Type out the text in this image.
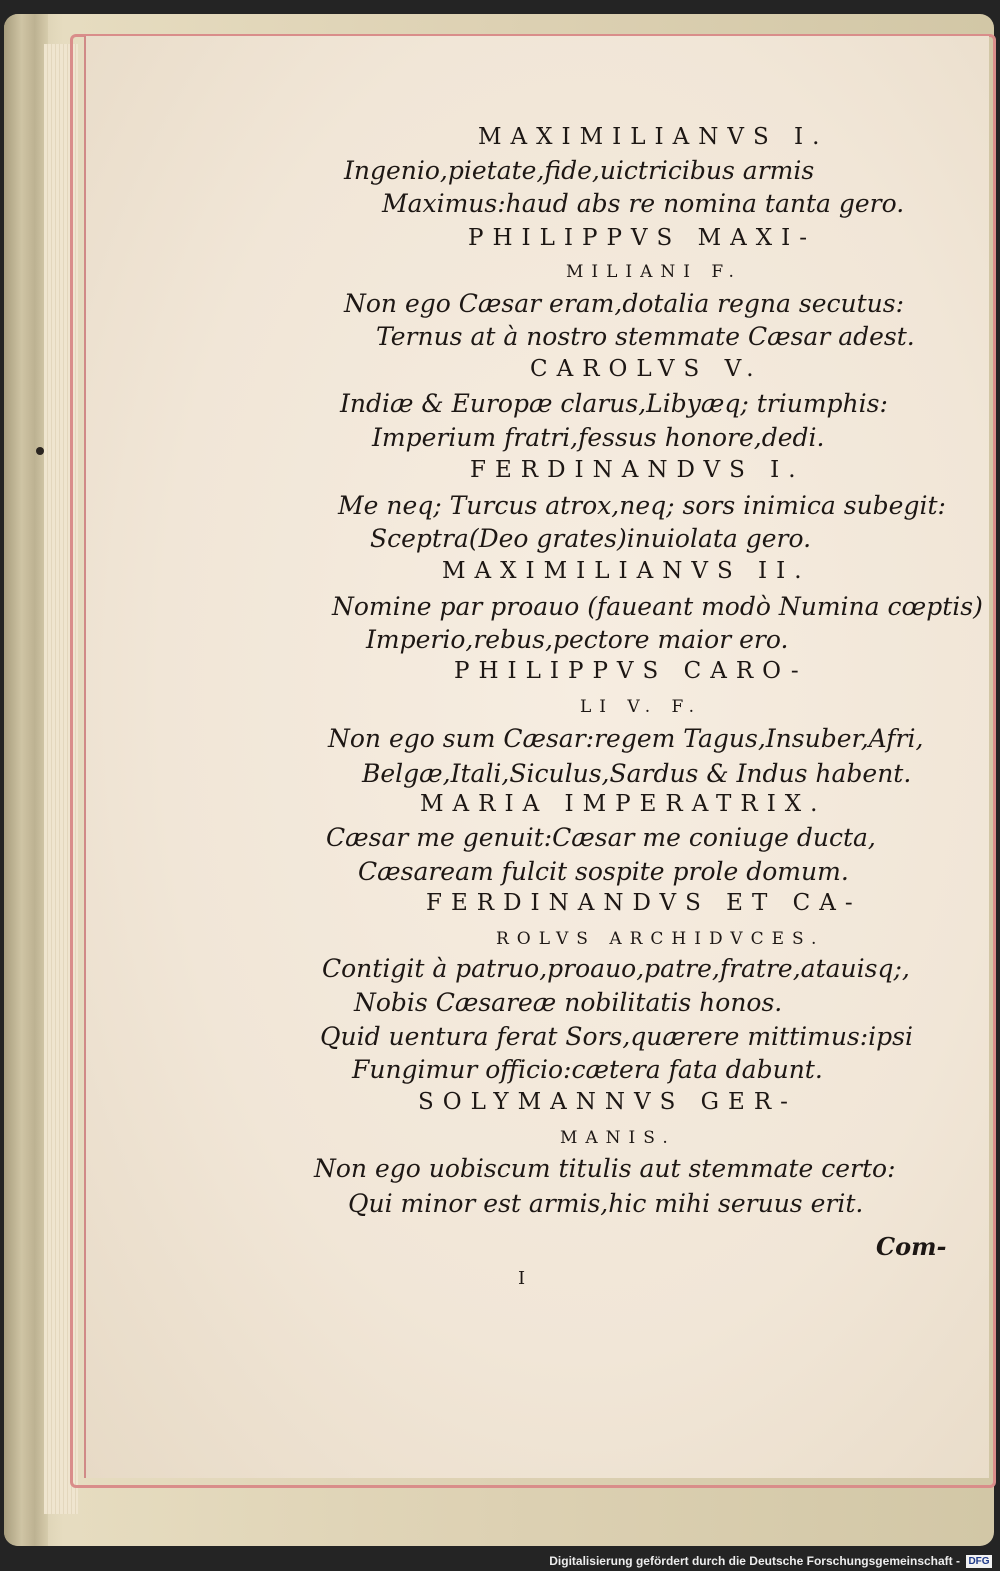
MAXIMILIANVS I.
Ingenio,pietate,fide,uictricibus armis
Maximus:haud abs re nomina tanta gero.
PHILIPPVS MAXI-
MILIANI F.
Non ego Cæsar eram,dotalia regna secutus:
Ternus at à nostro stemmate Cæsar adest.
CAROLVS V.
Indiæ & Europæ clarus,Libyæq; triumphis:
Imperium fratri,fessus honore,dedi.
FERDINANDVS I.
Me neq; Turcus atrox,neq; sors inimica subegit:
Sceptra(Deo grates)inuiolata gero.
MAXIMILIANVS II.
Nomine par proauo (faueant modò Numina cœptis)
Imperio,rebus,pectore maior ero.
PHILIPPVS CARO-
LI V. F.
Non ego sum Cæsar:regem Tagus,Insuber,Afri,
Belgæ,Itali,Siculus,Sardus & Indus habent.
MARIA IMPERATRIX.
Cæsar me genuit:Cæsar me coniuge ducta,
Cæsaream fulcit sospite prole domum.
FERDINANDVS ET CA-
ROLVS ARCHIDVCES.
Contigit à patruo,proauo,patre,fratre,atauisq;,
Nobis Cæsareæ nobilitatis honos.
Quid uentura ferat Sors,quærere mittimus:ipsi
Fungimur officio:cætera fata dabunt.
SOLYMANNVS GER-
MANIS.
Non ego uobiscum titulis aut stemmate certo:
Qui minor est armis,hic mihi seruus erit.
Com-
I
Digitalisierung gefördert durch die Deutsche Forschungsgemeinschaft - DFG
